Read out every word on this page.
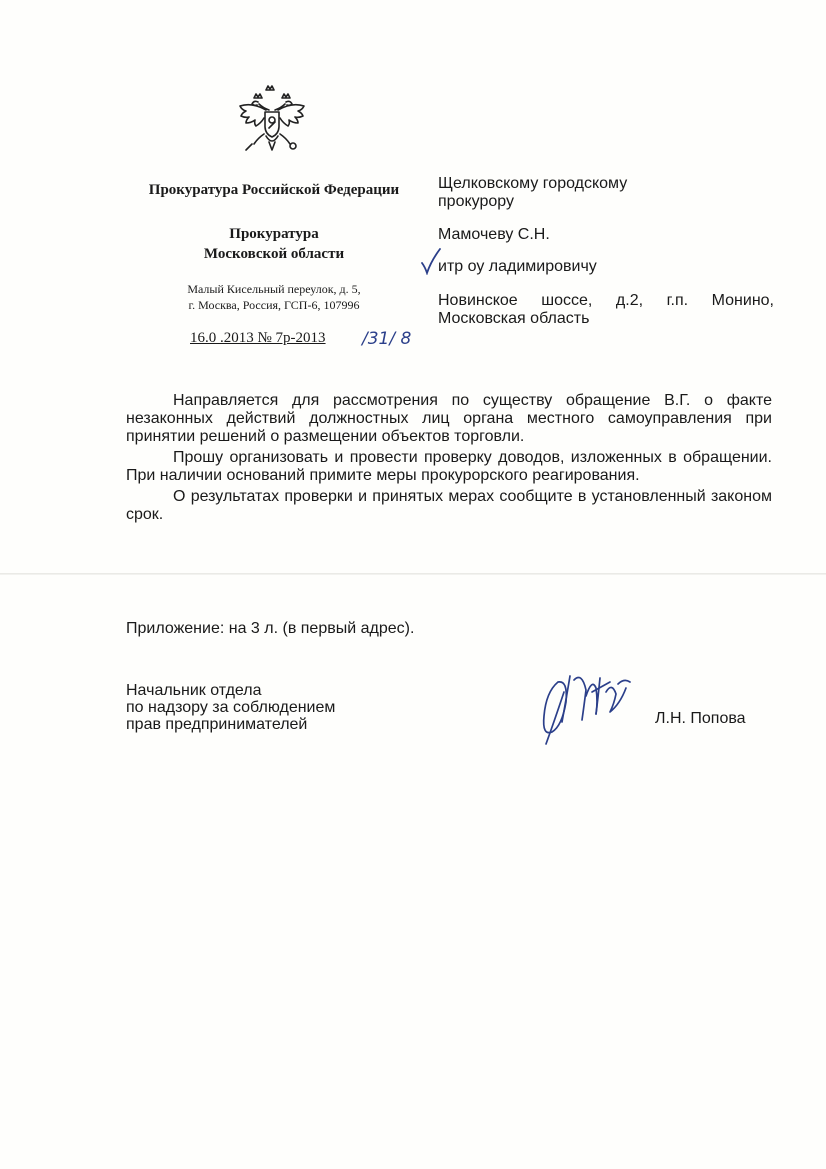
Прокуратура Российской Федерации
Прокуратура
Московской области
Малый Кисельный переулок, д. 5,
г. Москва, Россия, ГСП-6, 107996
16.0 .2013 № 7р-2013 /31/ 8
Щелковскому городскому
прокурору
Мамочеву С.Н.
итр оу ладимировичу
Новинское шоссе, д.2, г.п. Монино,
Московская область

Направляется для рассмотрения по существу обращение В.Г. о факте незаконных действий должностных лиц органа местного самоуправления при принятии решений о размещении объектов торговли.

Прошу организовать и провести проверку доводов, изложенных в обращении. При наличии оснований примите меры прокурорского реагирования.

О результатах проверки и принятых мерах сообщите в установленный законом срок.

Приложение: на 3 л. (в первый адрес).
Начальник отдела
по надзору за соблюдением
прав предпринимателей	Л.Н. Попова
